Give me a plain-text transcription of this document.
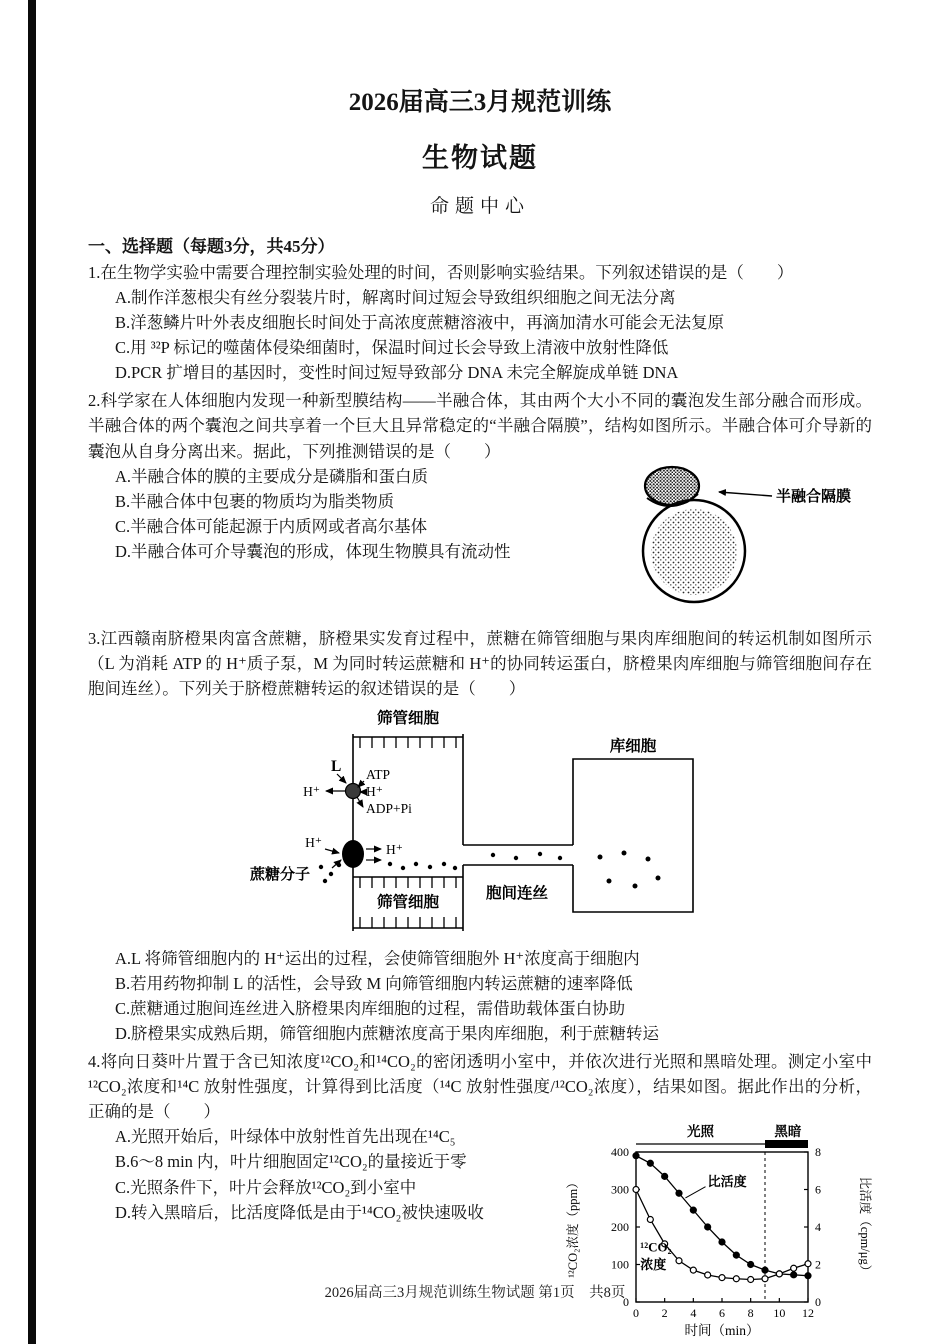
2026届高三3月规范训练
生物试题
命题中心
一、选择题（每题3分，共45分）

1.在生物学实验中需要合理控制实验处理的时间，否则影响实验结果。下列叙述错误的是（　　）

A.制作洋葱根尖有丝分裂装片时，解离时间过短会导致组织细胞之间无法分离

B.洋葱鳞片叶外表皮细胞长时间处于高浓度蔗糖溶液中，再滴加清水可能会无法复原

C.用 ³²P 标记的噬菌体侵染细菌时，保温时间过长会导致上清液中放射性降低

D.PCR 扩增目的基因时，变性时间过短导致部分 DNA 未完全解旋成单链 DNA

2.科学家在人体细胞内发现一种新型膜结构——半融合体，其由两个大小不同的囊泡发生部分融合而形成。半融合体的两个囊泡之间共享着一个巨大且异常稳定的“半融合隔膜”，结构如图所示。半融合体可介导新的囊泡从自身分离出来。据此，下列推测错误的是（　　）

A.半融合体的膜的主要成分是磷脂和蛋白质

B.半融合体中包裹的物质均为脂类物质

C.半融合体可能起源于内质网或者高尔基体

D.半融合体可介导囊泡的形成，体现生物膜具有流动性

半融合隔膜

3.江西赣南脐橙果肉富含蔗糖，脐橙果实发育过程中，蔗糖在筛管细胞与果肉库细胞间的转运机制如图所示（L 为消耗 ATP 的 H⁺质子泵，M 为同时转运蔗糖和 H⁺的协同转运蛋白，脐橙果肉库细胞与筛管细胞间存在胞间连丝）。下列关于脐橙蔗糖转运的叙述错误的是（　　）

筛管细胞
库细胞
筛管细胞
胞间连丝
蔗糖分子
L ATP
H⁺
ADP+Pi
H⁺
H⁺	H⁺
M

A.L 将筛管细胞内的 H⁺运出的过程，会使筛管细胞外 H⁺浓度高于细胞内

B.若用药物抑制 L 的活性，会导致 M 向筛管细胞内转运蔗糖的速率降低

C.蔗糖通过胞间连丝进入脐橙果肉库细胞的过程，需借助载体蛋白协助

D.脐橙果实成熟后期，筛管细胞内蔗糖浓度高于果肉库细胞，利于蔗糖转运

4.将向日葵叶片置于含已知浓度¹²CO₂和¹⁴CO₂的密闭透明小室中，并依次进行光照和黑暗处理。测定小室中¹²CO₂浓度和¹⁴C 放射性强度，计算得到比活度（¹⁴C 放射性强度/¹²CO₂浓度），结果如图。据此作出的分析，正确的是（　　）

A.光照开始后，叶绿体中放射性首先出现在¹⁴C₅

B.6～8 min 内，叶片细胞固定¹²CO₂的量接近于零

C.光照条件下，叶片会释放¹²CO₂到小室中

D.转入黑暗后，比活度降低是由于¹⁴CO₂被快速吸收

0
100
200
300
400
0
2
4
6
8
0 2 4 6 8 10 12
光照	黑暗
时间（min）
¹²CO₂浓度（ppm）	比活度（cpm/μg）
比活度
¹²CO₂
浓度
2026届高三3月规范训练生物试题 第1页　共8页
